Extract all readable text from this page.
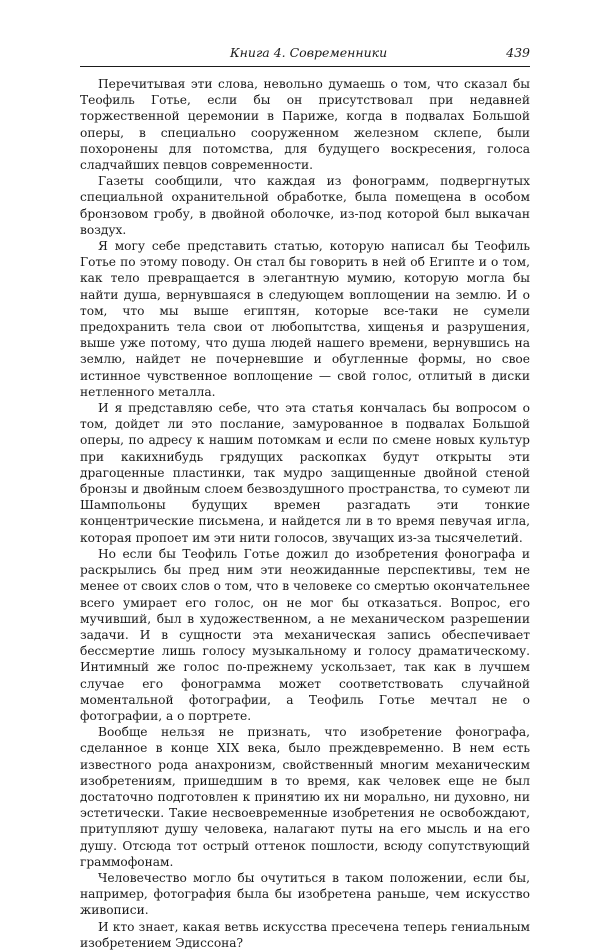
Книга 4. Современники	439

Перечитывая эти слова, невольно думаешь о том, что сказал бы Теофиль Готье, если бы он присутствовал при недавней торжественной церемонии в Париже, когда в подвалах Большой оперы, в специально сооруженном железном склепе, были похоронены для потомства, для будущего воскресения, голоса сладчайших певцов современности.

Газеты сообщили, что каждая из фонограмм, подвергнутых специальной охранительной обработке, была помещена в особом бронзовом гробу, в двойной оболочке, из-под которой был выкачан воздух.

Я могу себе представить статью, которую написал бы Теофиль Готье по этому поводу. Он стал бы говорить в ней об Египте и о том, как тело превращается в элегантную мумию, которую могла бы найти душа, вернувшаяся в следующем воплощении на землю. И о том, что мы выше египтян, которые все-таки не сумели предохранить тела свои от любопытства, хищенья и разрушения, выше уже потому, что душа людей нашего времени, вернувшись на землю, найдет не почерневшие и обугленные формы, но свое истинное чувственное воплощение — свой голос, отлитый в диски нетленного металла.

И я представляю себе, что эта статья кончалась бы вопросом о том, дойдет ли это послание, замурованное в подвалах Большой оперы, по адресу к нашим потомкам и если по смене новых культур при какихнибудь грядущих раскопках будут открыты эти драгоценные пластинки, так мудро защищенные двойной стеной бронзы и двойным слоем безвоздушного пространства, то сумеют ли Шампольоны будущих времен разгадать эти тонкие концентрические письмена, и найдется ли в то время певучая игла, которая пропоет им эти нити голосов, звучащих из-за тысячелетий.

Но если бы Теофиль Готье дожил до изобретения фонографа и раскрылись бы пред ним эти неожиданные перспективы, тем не менее от своих слов о том, что в человеке со смертью окончательнее всего умирает его голос, он не мог бы отказаться. Вопрос, его мучивший, был в художественном, а не механическом разрешении задачи. И в сущности эта механическая запись обеспечивает бессмертие лишь голосу музыкальному и голосу драматическому. Интимный же голос по-прежнему ускользает, так как в лучшем случае его фонограмма может соответствовать случайной моментальной фотографии, а Теофиль Готье мечтал не о фотографии, а о портрете.

Вообще нельзя не признать, что изобретение фонографа, сделанное в конце XIX века, было преждевременно. В нем есть известного рода анахронизм, свойственный многим механическим изобретениям, пришедшим в то время, как человек еще не был достаточно подготовлен к принятию их ни морально, ни духовно, ни эстетически. Такие несвоевременные изобретения не освобождают, притупляют душу человека, налагают путы на его мысль и на его душу. Отсюда тот острый оттенок пошлости, всюду сопутствующий граммофонам.

Человечество могло бы очутиться в таком положении, если бы, например, фотография была бы изобретена раньше, чем искусство живописи.

И кто знает, какая ветвь искусства пресечена теперь гениальным изобретением Эдиссона?
